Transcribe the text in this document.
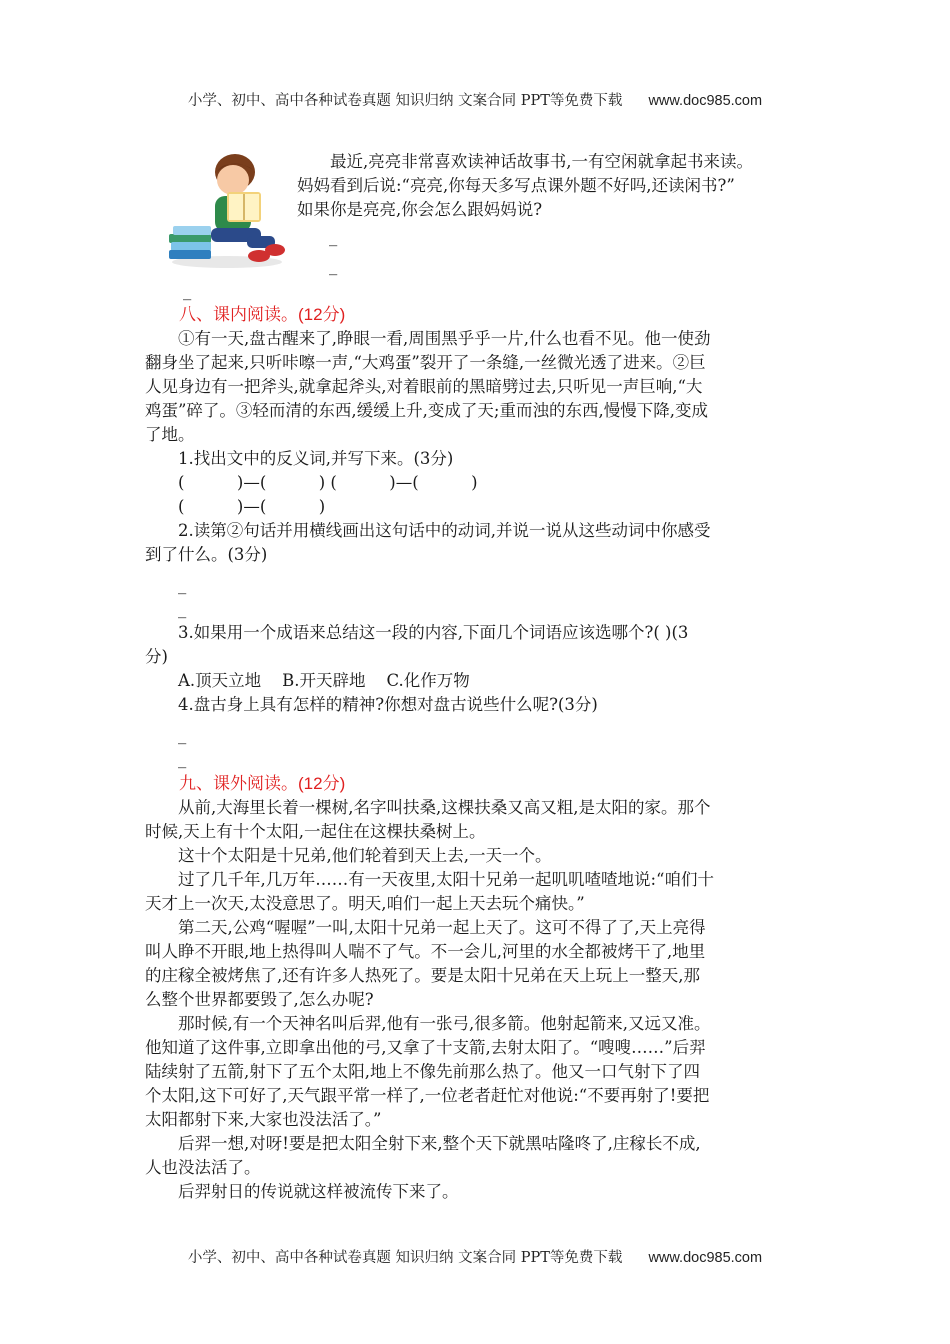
小学、初中、高中各种试卷真题 知识归纳 文案合同 PPT等免费下载 www.doc985.com
最近,亮亮非常喜欢读神话故事书,一有空闲就拿起书来读。
妈妈看到后说:“亮亮,你每天多写点课外题不好吗,还读闲书?”
如果你是亮亮,你会怎么跟妈妈说?
_
_
_
八、课内阅读。(12分)
①有一天,盘古醒来了,睁眼一看,周围黑乎乎一片,什么也看不见。他一使劲
翻身坐了起来,只听咔嚓一声,“大鸡蛋”裂开了一条缝,一丝微光透了进来。②巨
人见身边有一把斧头,就拿起斧头,对着眼前的黑暗劈过去,只听见一声巨响,“大
鸡蛋”碎了。③轻而清的东西,缓缓上升,变成了天;重而浊的东西,慢慢下降,变成
了地。
1.找出文中的反义词,并写下来。(3分)
(          )—(          ) (          )—(          )
(          )—(          )
2.读第②句话并用横线画出这句话中的动词,并说一说从这些动词中你感受
到了什么。(3分)
_
_
3.如果用一个成语来总结这一段的内容,下面几个词语应该选哪个?( )(3
分)
A.顶天立地    B.开天辟地    C.化作万物
4.盘古身上具有怎样的精神?你想对盘古说些什么呢?(3分)
_
_
九、课外阅读。(12分)
从前,大海里长着一棵树,名字叫扶桑,这棵扶桑又高又粗,是太阳的家。那个
时候,天上有十个太阳,一起住在这棵扶桑树上。
这十个太阳是十兄弟,他们轮着到天上去,一天一个。
过了几千年,几万年……有一天夜里,太阳十兄弟一起叽叽喳喳地说:“咱们十
天才上一次天,太没意思了。明天,咱们一起上天去玩个痛快。”
第二天,公鸡“喔喔”一叫,太阳十兄弟一起上天了。这可不得了了,天上亮得
叫人睁不开眼,地上热得叫人喘不了气。不一会儿,河里的水全都被烤干了,地里
的庄稼全被烤焦了,还有许多人热死了。要是太阳十兄弟在天上玩上一整天,那
么整个世界都要毁了,怎么办呢?
那时候,有一个天神名叫后羿,他有一张弓,很多箭。他射起箭来,又远又准。
他知道了这件事,立即拿出他的弓,又拿了十支箭,去射太阳了。“嗖嗖……”后羿
陆续射了五箭,射下了五个太阳,地上不像先前那么热了。他又一口气射下了四
个太阳,这下可好了,天气跟平常一样了,一位老者赶忙对他说:“不要再射了!要把
太阳都射下来,大家也没法活了。”
后羿一想,对呀!要是把太阳全射下来,整个天下就黑咕隆咚了,庄稼长不成,
人也没法活了。
后羿射日的传说就这样被流传下来了。
小学、初中、高中各种试卷真题 知识归纳 文案合同 PPT等免费下载 www.doc985.com
